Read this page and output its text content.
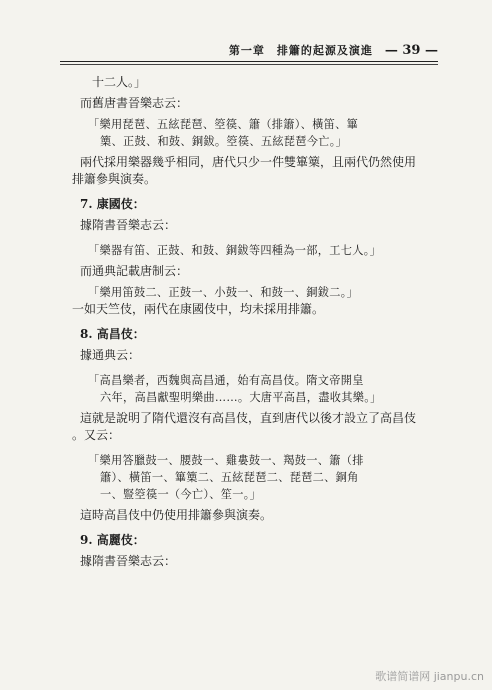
第一章　排簫的起源及演進 — 39 —
十二人。」
而舊唐書晉樂志云：
「樂用琵琶、五絃琵琶、箜篌、簫（排簫）、橫笛、篳
篥、正鼓、和鼓、銅鈸。箜篌、五絃琵琶今亡。」
兩代採用樂器幾乎相同，唐代只少一件雙篳篥，且兩代仍然使用
排簫參與演奏。
7. 康國伎：
據隋書晉樂志云：
「樂器有笛、正鼓、和鼓、銅鈸等四種為一部，工七人。」
而通典記載唐制云：
「樂用笛鼓二、正鼓一、小鼓一、和鼓一、銅鈸二。」
一如天竺伎，兩代在康國伎中，均未採用排簫。
8. 高昌伎：
據通典云：
「高昌樂者，西魏與高昌通，始有高昌伎。隋文帝開皇
六年，高昌獻聖明樂曲……。大唐平高昌，盡收其樂。」
這就是說明了隋代還沒有高昌伎，直到唐代以後才設立了高昌伎
。又云：
「樂用答臘鼓一、腰鼓一、雞婁鼓一、羯鼓一、簫（排
簫）、橫笛一、篳篥二、五絃琵琶二、琵琶二、銅角
一、豎箜篌一（今亡）、笙一。」
這時高昌伎中仍使用排簫參與演奏。
9. 高麗伎：
據隋書晉樂志云：
歌谱简谱网 jianpu.cn
